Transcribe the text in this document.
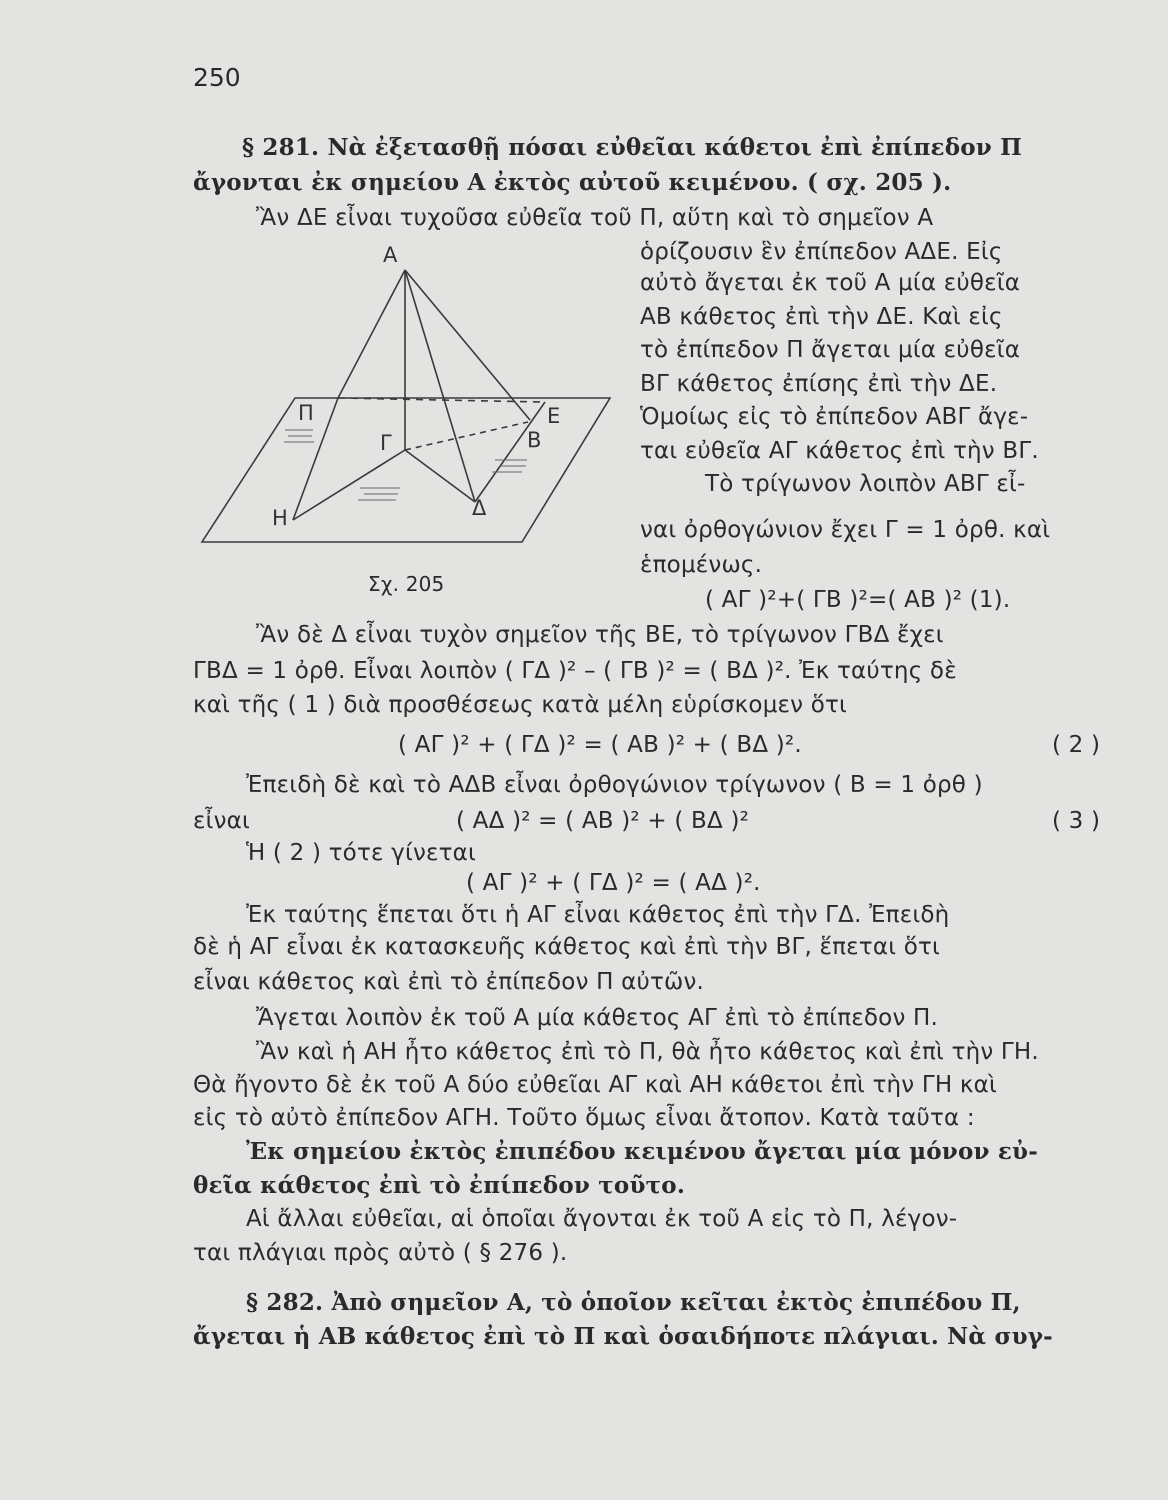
250
Α
Ε
Β
Γ
Π
Η	Δ
Σχ. 205
§ 281. Νὰ ἐξετασθῇ πόσαι εὐθεῖαι κάθετοι ἐπὶ ἐπίπεδον Π
ἄγονται ἐκ σημείου Α ἐκτὸς αὐτοῦ κειμένου. ( σχ. 205 ).
Ἂν ΔΕ εἶναι τυχοῦσα εὐθεῖα τοῦ Π, αὕτη καὶ τὸ σημεῖον Α
ὁρίζουσιν ἓν ἐπίπεδον ΑΔΕ. Εἰς
αὐτὸ ἄγεται ἐκ τοῦ Α μία εὐθεῖα
ΑΒ κάθετος ἐπὶ τὴν ΔΕ. Καὶ εἰς
τὸ ἐπίπεδον Π ἄγεται μία εὐθεῖα
ΒΓ κάθετος ἐπίσης ἐπὶ τὴν ΔΕ.
Ὁμοίως εἰς τὸ ἐπίπεδον ΑΒΓ ἄγε-
ται εὐθεῖα ΑΓ κάθετος ἐπὶ τὴν ΒΓ.
Τὸ τρίγωνον λοιπὸν ΑΒΓ εἶ-
ναι ὀρθογώνιον ἔχει Γ = 1 ὀρθ. καὶ
ἑπομένως.
( ΑΓ )²+( ΓΒ )²=( ΑΒ )² (1).
Ἂν δὲ Δ εἶναι τυχὸν σημεῖον τῆς ΒΕ, τὸ τρίγωνον ΓΒΔ ἔχει
ΓΒΔ = 1 ὀρθ. Εἶναι λοιπὸν ( ΓΔ )² – ( ΓΒ )² = ( ΒΔ )². Ἐκ ταύτης δὲ
καὶ τῆς ( 1 ) διὰ προσθέσεως κατὰ μέλη εὑρίσκομεν ὅτι
( ΑΓ )² + ( ΓΔ )² = ( ΑΒ )² + ( ΒΔ )².	( 2 )
Ἐπειδὴ δὲ καὶ τὸ ΑΔΒ εἶναι ὀρθογώνιον τρίγωνον ( Β = 1 ὀρθ )
εἶναι	( ΑΔ )² = ( ΑΒ )² + ( ΒΔ )²	( 3 )
Ἡ ( 2 ) τότε γίνεται
( ΑΓ )² + ( ΓΔ )² = ( ΑΔ )².
Ἐκ ταύτης ἕπεται ὅτι ἡ ΑΓ εἶναι κάθετος ἐπὶ τὴν ΓΔ. Ἐπειδὴ
δὲ ἡ ΑΓ εἶναι ἐκ κατασκευῆς κάθετος καὶ ἐπὶ τὴν ΒΓ, ἕπεται ὅτι
εἶναι κάθετος καὶ ἐπὶ τὸ ἐπίπεδον Π αὐτῶν.
Ἄγεται λοιπὸν ἐκ τοῦ Α μία κάθετος ΑΓ ἐπὶ τὸ ἐπίπεδον Π.
Ἂν καὶ ἡ ΑΗ ἦτο κάθετος ἐπὶ τὸ Π, θὰ ἦτο κάθετος καὶ ἐπὶ τὴν ΓΗ.
Θὰ ἤγοντο δὲ ἐκ τοῦ Α δύο εὐθεῖαι ΑΓ καὶ ΑΗ κάθετοι ἐπὶ τὴν ΓΗ καὶ
εἰς τὸ αὐτὸ ἐπίπεδον ΑΓΗ. Τοῦτο ὅμως εἶναι ἄτοπον. Κατὰ ταῦτα :
Ἐκ σημείου ἐκτὸς ἐπιπέδου κειμένου ἄγεται μία μόνον εὐ-
θεῖα κάθετος ἐπὶ τὸ ἐπίπεδον τοῦτο.
Αἱ ἄλλαι εὐθεῖαι, αἱ ὁποῖαι ἄγονται ἐκ τοῦ Α εἰς τὸ Π, λέγον-
ται πλάγιαι πρὸς αὐτὸ ( § 276 ).
§ 282. Ἀπὸ σημεῖον Α, τὸ ὁποῖον κεῖται ἐκτὸς ἐπιπέδου Π,
ἄγεται ἡ ΑΒ κάθετος ἐπὶ τὸ Π καὶ ὁσαιδήποτε πλάγιαι. Νὰ συγ-
